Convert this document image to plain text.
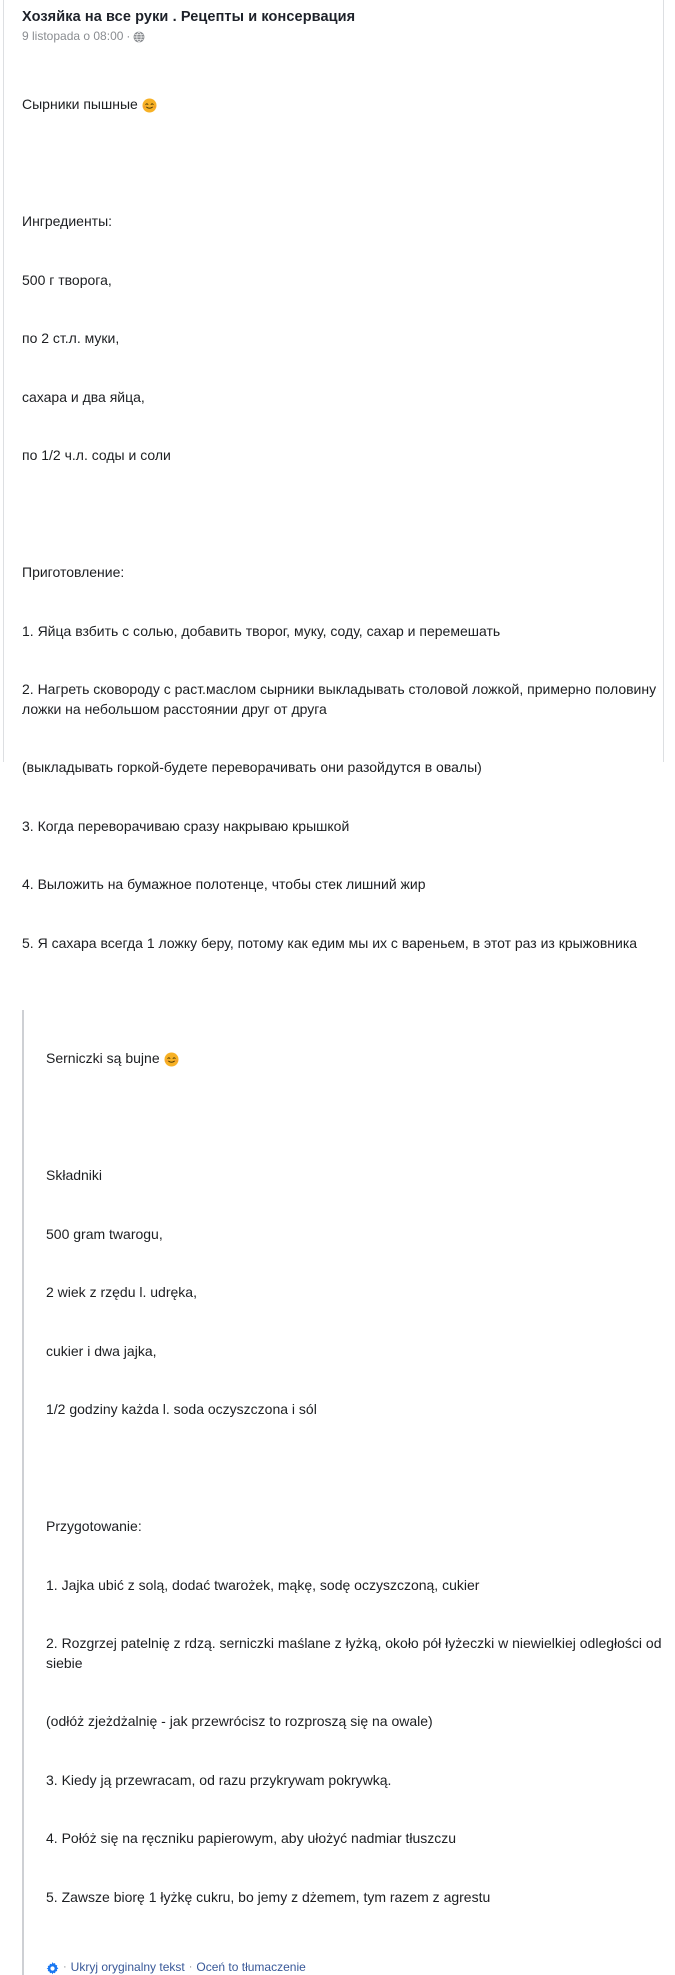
Хозяйка на все руки . Рецепты и консервация
9 listopada o 08:00 ·

Сырники пышные

Ингредиенты:

500 г творога,

по 2 ст.л. муки,

сахара и два яйца,

по 1/2 ч.л. соды и соли

Приготовление:

1. Яйца взбить с солью, добавить творог, муку, соду, сахар и перемешать

2. Нагреть сковороду с раст.маслом сырники выкладывать столовой ложкой, примерно половину ложки на небольшом расстоянии друг от друга

(выкладывать горкой-будете переворачивать они разойдутся в овалы)

3. Когда переворачиваю сразу накрываю крышкой

4. Выложить на бумажное полотенце, чтобы стек лишний жир

5. Я сахара всегда 1 ложку беру, потому как едим мы их с вареньем, в этот раз из крыжовника

Serniczki są bujne

Składniki

500 gram twarogu,

2 wiek z rzędu l. udręka,

cukier i dwa jajka,

1/2 godziny każda l. soda oczyszczona i sól

Przygotowanie:

1. Jajka ubić z solą, dodać twarożek, mąkę, sodę oczyszczoną, cukier

2. Rozgrzej patelnię z rdzą. serniczki maślane z łyżką, około pół łyżeczki w niewielkiej odległości od siebie

(odłóż zjeżdżalnię - jak przewrócisz to rozproszą się na owale)

3. Kiedy ją przewracam, od razu przykrywam pokrywką.

4. Połóż się na ręczniku papierowym, aby ułożyć nadmiar tłuszczu

5. Zawsze biorę 1 łyżkę cukru, bo jemy z dżemem, tym razem z agrestu

· Ukryj oryginalny tekst · Oceń to tłumaczenie
